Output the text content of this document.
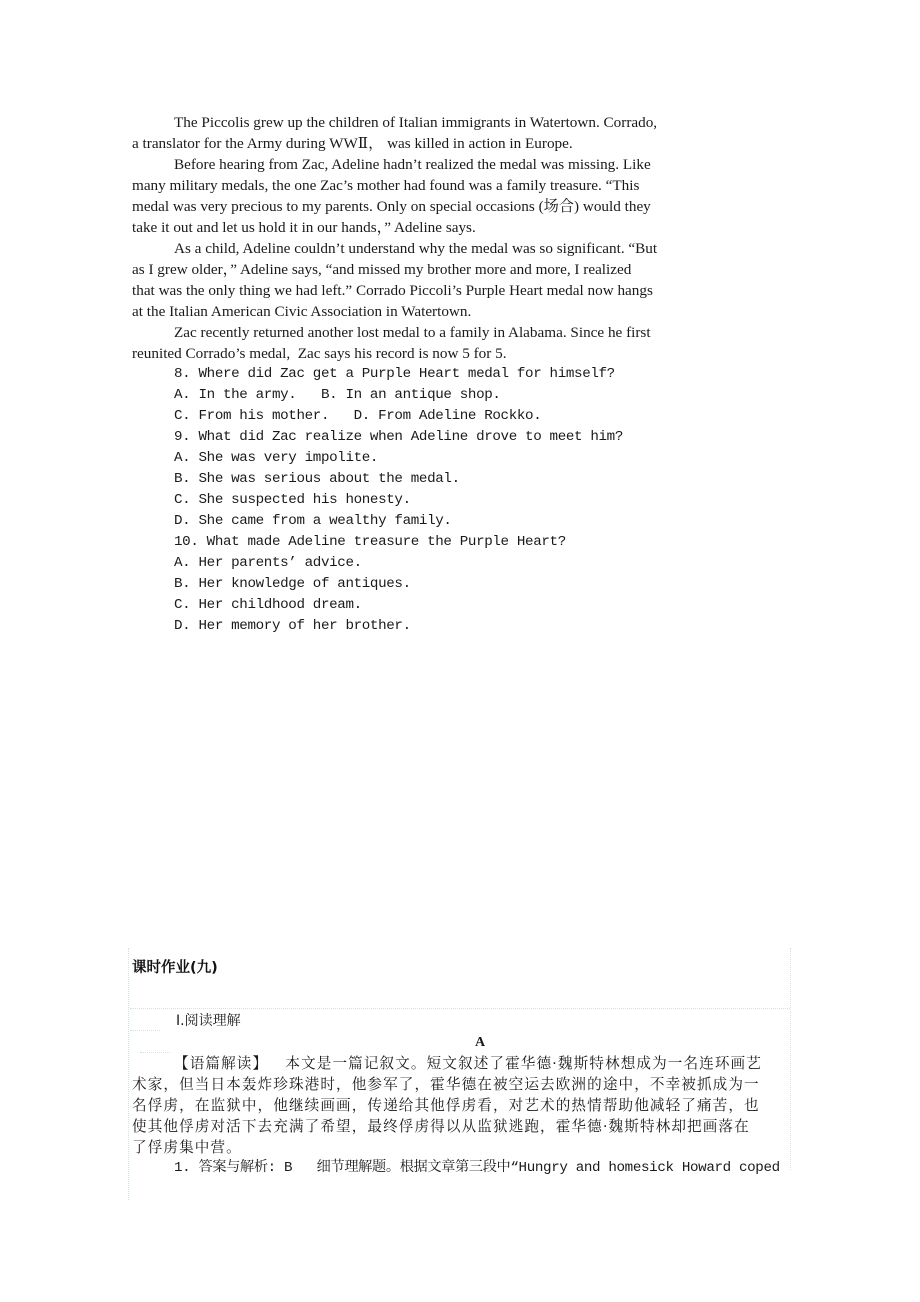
The Piccolis grew up the children of Italian immigrants in Watertown. Corrado,
a translator for the Army during WWⅡ， was killed in action in Europe.
Before hearing from Zac, Adeline hadn’t realized the medal was missing. Like
many military medals, the one Zac’s mother had found was a family treasure. “This
medal was very precious to my parents. Only on special occasions (场合) would they
take it out and let us hold it in our hands，” Adeline says.
As a child, Adeline couldn’t understand why the medal was so significant. “But
as I grew older，” Adeline says, “and missed my brother more and more, I realized
that was the only thing we had left.” Corrado Piccoli’s Purple Heart medal now hangs
at the Italian American Civic Association in Watertown.
Zac recently returned another lost medal to a family in Alabama. Since he first
reunited Corrado’s medal,  Zac says his record is now 5 for 5.
8. Where did Zac get a Purple Heart medal for himself?
A. In the army.   B. In an antique shop.
C. From his mother.   D. From Adeline Rockko.
9. What did Zac realize when Adeline drove to meet him?
A. She was very impolite.
B. She was serious about the medal.
C. She suspected his honesty.
D. She came from a wealthy family.
10. What made Adeline treasure the Purple Heart?
A. Her parents’ advice.
B. Her knowledge of antiques.
C. Her childhood dream.
D. Her memory of her brother.
课时作业(九)
Ⅰ.阅读理解
A
【语篇解读】   本文是一篇记叙文。短文叙述了霍华德·魏斯特林想成为一名连环画艺
术家，但当日本轰炸珍珠港时，他参军了，霍华德在被空运去欧洲的途中，不幸被抓成为一
名俘虏，在监狱中，他继续画画，传递给其他俘虏看，对艺术的热情帮助他减轻了痛苦，也
使其他俘虏对活下去充满了希望，最终俘虏得以从监狱逃跑，霍华德·魏斯特林却把画落在
了俘虏集中营。
1. 答案与解析: B   细节理解题。根据文章第三段中“Hungry and homesick Howard coped
